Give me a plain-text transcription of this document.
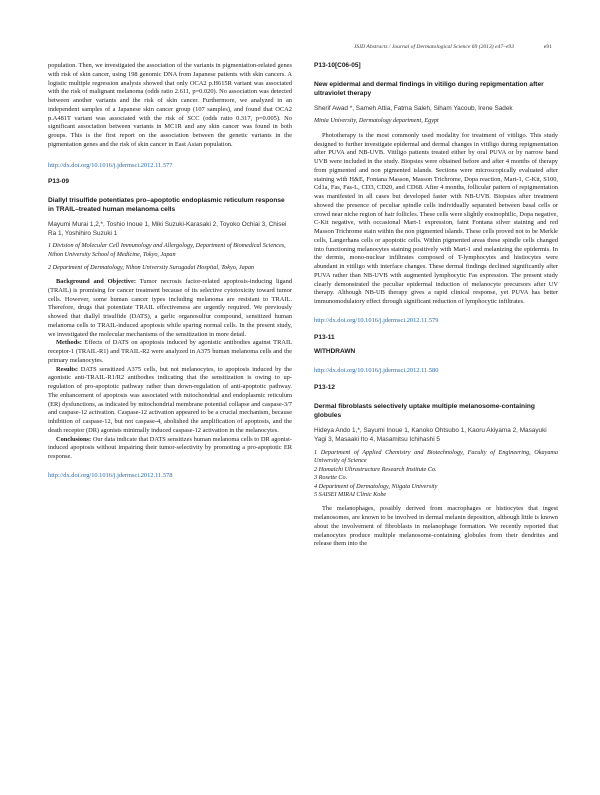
JSID Abstracts / Journal of Dermatological Science 69 (2013) e47–e93	e91

population. Then, we investigated the association of the variants in pigmentation-related genes with risk of skin cancer, using 198 genomic DNA from Japanese patients with skin cancers. A logistic multiple regression analysis showed that only OCA2 p.H615R variant was associated with the risk of malignant melanoma (odds ratio 2.611, p=0.020). No association was detected between another variants and the risk of skin cancer. Furthermore, we analyzed in an independent samples of a Japanese skin cancer group (107 samples), and found that OCA2 p.A481T variant was associated with the risk of SCC (odds ratio 0.317, p=0.005). No significant association between variants in MC1R and any skin cancer was found in both groups. This is the first report on the association between the genetic variants in the pigmentation genes and the risk of skin cancer in East Asian population.

http://dx.doi.org/10.1016/j.jdermsci.2012.11.577
P13-09
Diallyl trisulfide potentiates pro–apoptotic endoplasmic reticulum response in TRAIL–treated human melanoma cells
Mayumi Murai 1,2,*, Toshio Inoue 1, Miki Suzuki-Karasaki 2, Toyoko Ochiai 3, Chisei Ra 1, Yoshihiro Suzuki 1
1 Division of Molecular Cell Immunology and Allergology, Department of Biomedical Sciences, Nihon University School of Medicine, Tokyo, Japan
2 Department of Dermatology, Nihon University Surugadai Hospital, Tokyo, Japan

Background and Objective: Tumor necrosis factor-related apoptosis-inducing ligand (TRAIL) is promising for cancer treatment because of its selective cytotoxicity toward tumor cells. However, some human cancer types including melanoma are resistant to TRAIL. Therefore, drugs that potentiate TRAIL effectiveness are urgently required. We previously showed that diallyl trisulfide (DATS), a garlic organosulfur compound, sensitized human melanoma cells to TRAIL-induced apoptosis while sparing normal cells. In the present study, we investigated the molecular mechanisms of the sensitization in more detail.

Methods: Effects of DATS on apoptosis induced by agonistic antibodies against TRAIL receptor-1 (TRAIL-R1) and TRAIL-R2 were analyzed in A375 human melanoma cells and the primary melanocytes.

Results: DATS sensitized A375 cells, but not melanocytes, to apoptosis induced by the agonistic anti-TRAIL-R1/R2 antibodies indicating that the sensitization is owing to up-regulation of pro-apoptotic pathway rather than down-regulation of anti-apoptotic pathway. The enhancement of apoptosis was associated with mitochondrial and endoplasmic reticulum (ER) dysfunctions, as indicated by mitochondrial membrane potential collapse and caspase-3/7 and caspase-12 activation. Caspase-12 activation appeared to be a crucial mechanism, because inhibition of caspase-12, but not caspase-4, abolished the amplification of apoptosis, and the death receptor (DR) agonists minimally induced caspase-12 activation in the melanocytes.

Conclusions: Our data indicate that DATS sensitizes human melanoma cells to DR agonist-induced apoptosis without impairing their tumor-selectivity by promoting a pro-apoptotic ER response.

http://dx.doi.org/10.1016/j.jdermsci.2012.11.578
P13-10[C06-05]
New epidermal and dermal findings in vitiligo during repigmentation after ultraviolet therapy
Sherif Awad *, Sameh Attia, Fatma Saleh, Siham Yacoub, Irene Sadek
Minia University, Dermatology department, Egypt

Phototherapy is the most commonly used modality for treatment of vitiligo. This study designed to further investigate epidermal and dermal changes in vitiligo during repigmentation after PUVA and NB-UVB. Vitiligo patients treated either by oral PUVA or by narrow band UVB were included in the study. Biopsies were obtained before and after 4 months of therapy from pigmented and non pigmented islands. Sections were microscopically evaluated after staining with H&E, Fontana Masson, Masson Trichrome, Dopa reaction, Mart-1, C-Kit, S100, Cd1a, Fas, Fas-L, CD3, CD20, and CD68. After 4 months, follicular pattern of repigmentation was manifested in all cases but developed faster with NB-UVB. Biopsies after treatment showed the presence of peculiar spindle cells individually separated between basal cells or crowd near niche region of hair follicles. These cells were slightly eosinophilic, Dopa negative, C-Kit negative, with occasional Mart-1 expression, faint Fontana silver staining and red Masson Trichrome stain within the non pigmented islands. These cells proved not to be Merkle cells, Langerhans cells or apoptotic cells. Within pigmented areas these spindle cells changed into functioning melanocytes staining positively with Mart-1 and melanizing the epidermis. In the dermis, mono-nuclear infiltrates composed of T-lymphocytes and histiocytes were abundant in vitiligo with interface changes. These dermal findings declined significantly after PUVA rather than NB-UVB with augmented lymphocytic Fas expression. The present study clearly demonstrated the peculiar epidermal induction of melanocyte precursors after UV therapy. Although NB-UB therapy gives a rapid clinical response, yet PUVA has better immunomodulatory effect through significant reduction of lymphocytic infiltrates.

http://dx.doi.org/10.1016/j.jdermsci.2012.11.579
P13-11
WITHDRAWN
http://dx.doi.org/10.1016/j.jdermsci.2012.11.580
P13-12
Dermal fibroblasts selectively uptake multiple melanosome-containing globules
Hideya Ando 1,*, Sayumi Inoue 1, Kanoko Ohtsubo 1, Kaoru Akiyama 2, Masayuki Yagi 3, Masaaki Ito 4, Masamitsu Ichihashi 5
1 Department of Applied Chemistry and Biotechnology, Faculty of Engineering, Okayama University of Science
2 Hamaichi Ultrastructure Research Institute Co.
3 Rosette Co.
4 Department of Dermatology, Niigata University
5 SAISEI MIRAI Clinic Kobe

The melanophages, possibly derived from macrophages or histiocytes that ingest melanosomes, are known to be involved in dermal melanin deposition, although little is known about the involvement of fibroblasts in melanophage formation. We recently reported that melanocytes produce multiple melanosome-containing globules from their dendrites and release them into the
